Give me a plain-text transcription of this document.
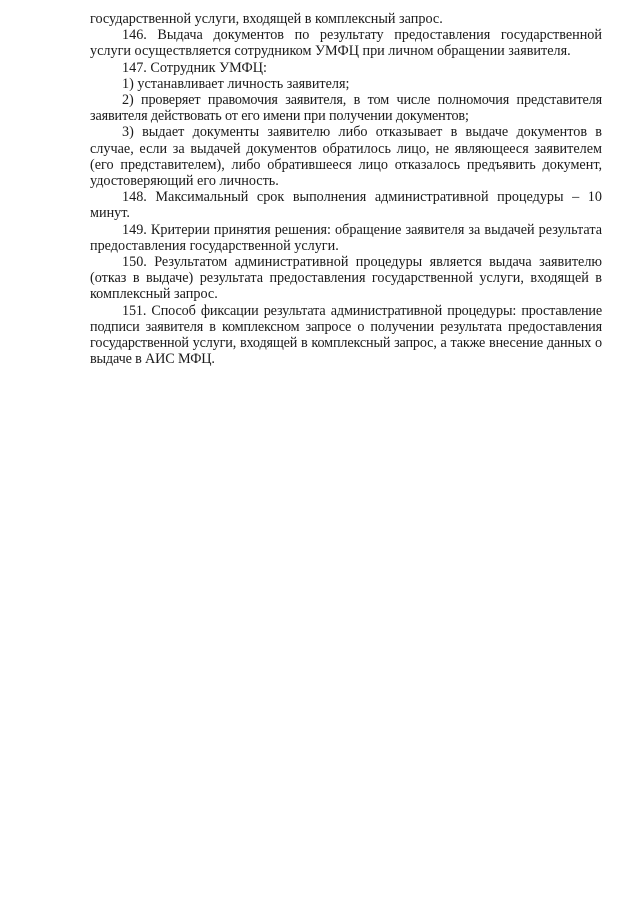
государственной услуги, входящей в комплексный запрос.

146. Выдача документов по результату предоставления государственной услуги осуществляется сотрудником УМФЦ при личном обращении заявителя.

147. Сотрудник УМФЦ:

1) устанавливает личность заявителя;

2) проверяет правомочия заявителя, в том числе полномочия представителя заявителя действовать от его имени при получении документов;

3) выдает документы заявителю либо отказывает в выдаче документов в случае, если за выдачей документов обратилось лицо, не являющееся заявителем (его представителем), либо обратившееся лицо отказалось предъявить документ, удостоверяющий его личность.

148. Максимальный срок выполнения административной процедуры – 10 минут.

149. Критерии принятия решения: обращение заявителя за выдачей результата предоставления государственной услуги.

150. Результатом административной процедуры является выдача заявителю (отказ в выдаче) результата предоставления государственной услуги, входящей в комплексный запрос.

151. Способ фиксации результата административной процедуры: проставление подписи заявителя в комплексном запросе о получении результата предоставления государственной услуги, входящей в комплексный запрос, а также внесение данных о выдаче в АИС МФЦ.
